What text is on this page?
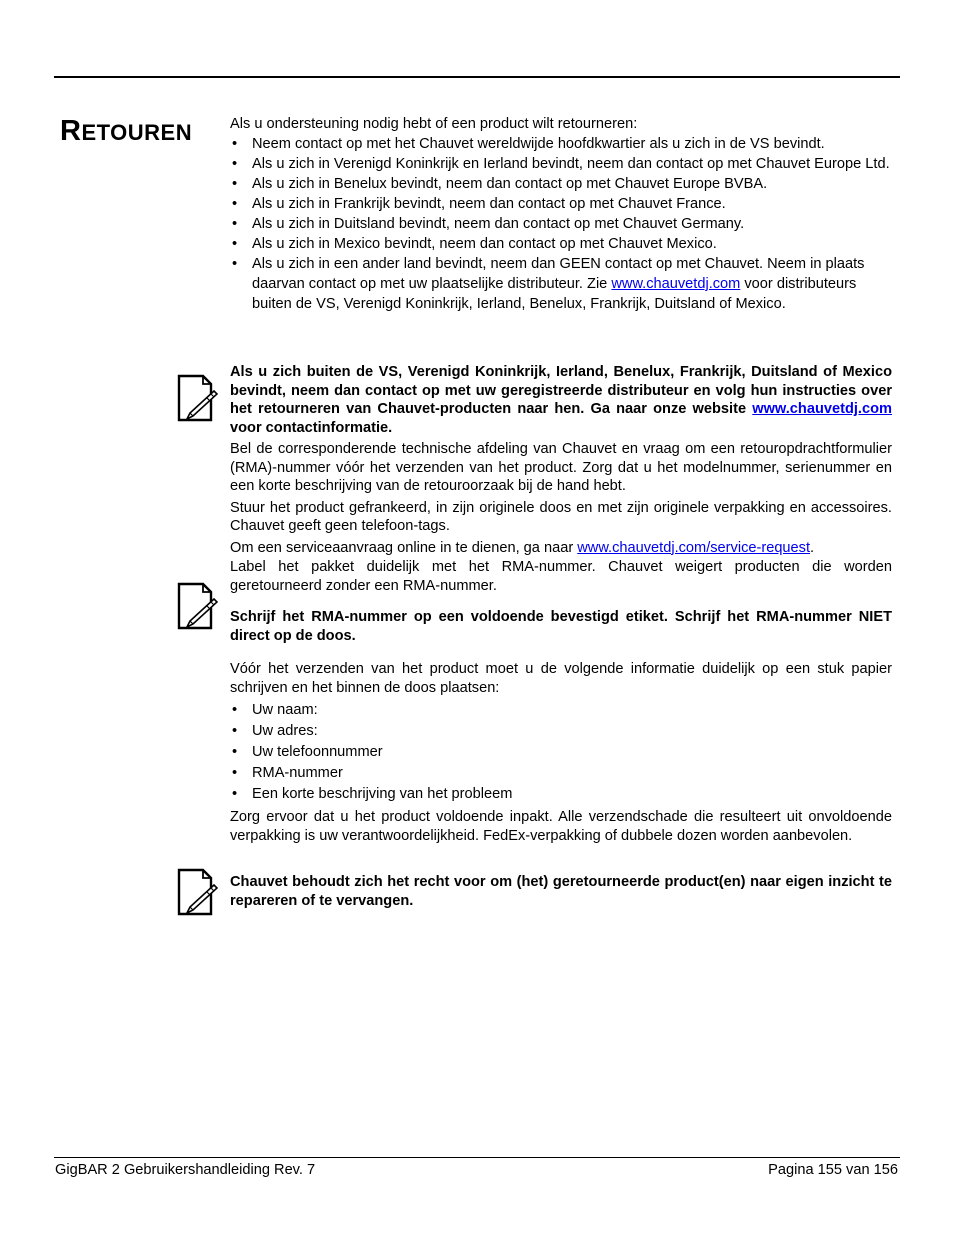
RETOUREN	Als u ondersteuning nodig hebt of een product wilt retourneren:

• Neem contact op met het Chauvet wereldwijde hoofdkwartier als u zich in de VS bevindt.
• Als u zich in Verenigd Koninkrijk en Ierland bevindt, neem dan contact op met Chauvet Europe Ltd.
• Als u zich in Benelux bevindt, neem dan contact op met Chauvet Europe BVBA.
• Als u zich in Frankrijk bevindt, neem dan contact op met Chauvet France.
• Als u zich in Duitsland bevindt, neem dan contact op met Chauvet Germany.
• Als u zich in Mexico bevindt, neem dan contact op met Chauvet Mexico.
• Als u zich in een ander land bevindt, neem dan GEEN contact op met Chauvet. Neem in plaats daarvan contact op met uw plaatselijke distributeur. Zie www.chauvetdj.com voor distributeurs buiten de VS, Verenigd Koninkrijk, Ierland, Benelux, Frankrijk, Duitsland of Mexico.

Als u zich buiten de VS, Verenigd Koninkrijk, Ierland, Benelux, Frankrijk, Duitsland of Mexico bevindt, neem dan contact op met uw geregistreerde distributeur en volg hun instructies over het retourneren van Chauvet-producten naar hen. Ga naar onze website www.chauvetdj.com voor contactinformatie.

Bel de corresponderende technische afdeling van Chauvet en vraag om een retouropdrachtformulier (RMA)-nummer vóór het verzenden van het product. Zorg dat u het modelnummer, serienummer en een korte beschrijving van de retouroorzaak bij de hand hebt.

Stuur het product gefrankeerd, in zijn originele doos en met zijn originele verpakking en accessoires. Chauvet geeft geen telefoon-tags.

Om een serviceaanvraag online in te dienen, ga naar www.chauvetdj.com/service-request.

Label het pakket duidelijk met het RMA-nummer. Chauvet weigert producten die worden geretourneerd zonder een RMA-nummer.

Schrijf het RMA-nummer op een voldoende bevestigd etiket. Schrijf het RMA-nummer NIET direct op de doos.

Vóór het verzenden van het product moet u de volgende informatie duidelijk op een stuk papier schrijven en het binnen de doos plaatsen:

• Uw naam:
• Uw adres:
• Uw telefoonnummer
• RMA-nummer
• Een korte beschrijving van het probleem

Zorg ervoor dat u het product voldoende inpakt. Alle verzendschade die resulteert uit onvoldoende verpakking is uw verantwoordelijkheid. FedEx-verpakking of dubbele dozen worden aanbevolen.

Chauvet behoudt zich het recht voor om (het) geretourneerde product(en) naar eigen inzicht te repareren of te vervangen.

GigBAR 2 Gebruikershandleiding Rev. 7	Pagina 155 van 156
